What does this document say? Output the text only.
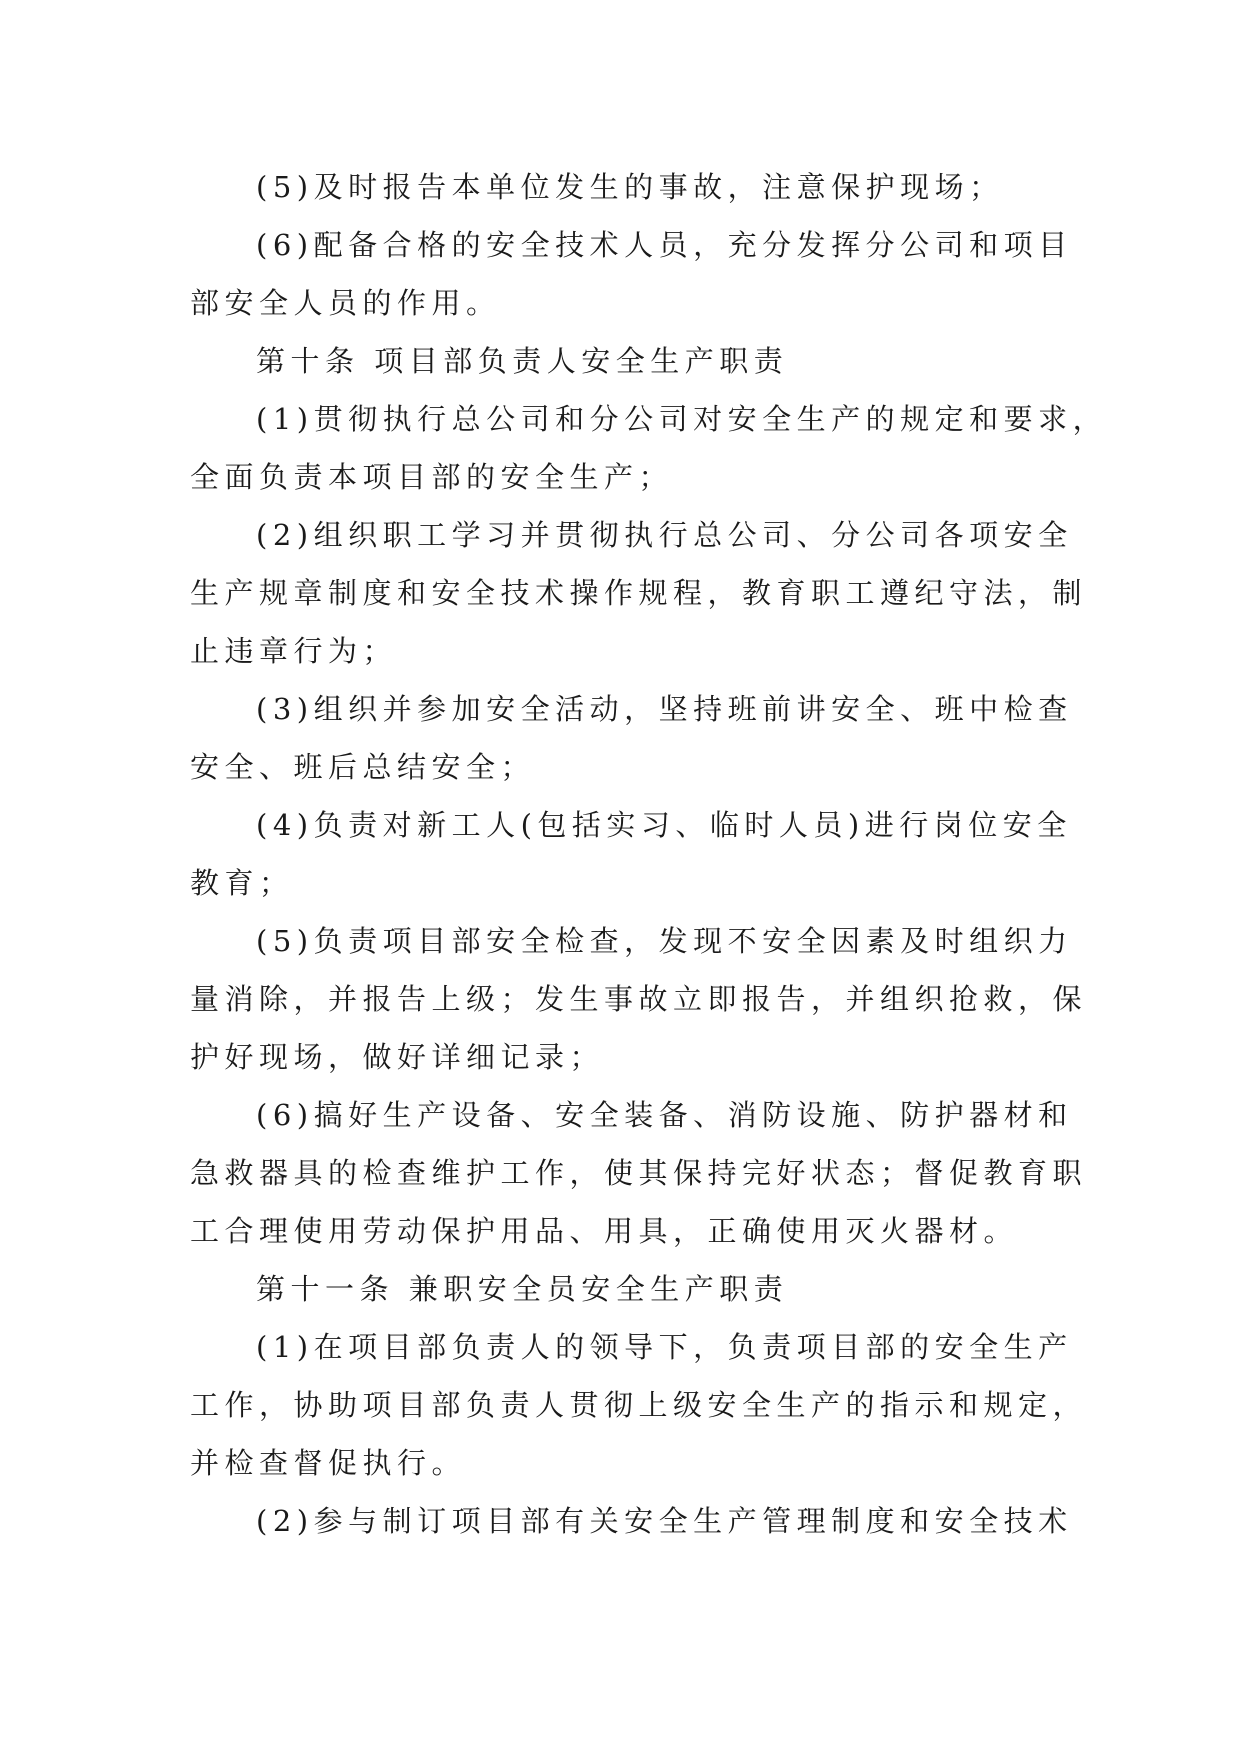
(5)及时报告本单位发生的事故，注意保护现场；
(6)配备合格的安全技术人员，充分发挥分公司和项目
部安全人员的作用。
第十条 项目部负责人安全生产职责
(1)贯彻执行总公司和分公司对安全生产的规定和要求，
全面负责本项目部的安全生产；
(2)组织职工学习并贯彻执行总公司、分公司各项安全
生产规章制度和安全技术操作规程，教育职工遵纪守法，制
止违章行为；
(3)组织并参加安全活动，坚持班前讲安全、班中检查
安全、班后总结安全；
(4)负责对新工人(包括实习、临时人员)进行岗位安全
教育；
(5)负责项目部安全检查，发现不安全因素及时组织力
量消除，并报告上级；发生事故立即报告，并组织抢救，保
护好现场，做好详细记录；
(6)搞好生产设备、安全装备、消防设施、防护器材和
急救器具的检查维护工作，使其保持完好状态；督促教育职
工合理使用劳动保护用品、用具，正确使用灭火器材。
第十一条 兼职安全员安全生产职责
(1)在项目部负责人的领导下，负责项目部的安全生产
工作，协助项目部负责人贯彻上级安全生产的指示和规定，
并检查督促执行。
(2)参与制订项目部有关安全生产管理制度和安全技术
